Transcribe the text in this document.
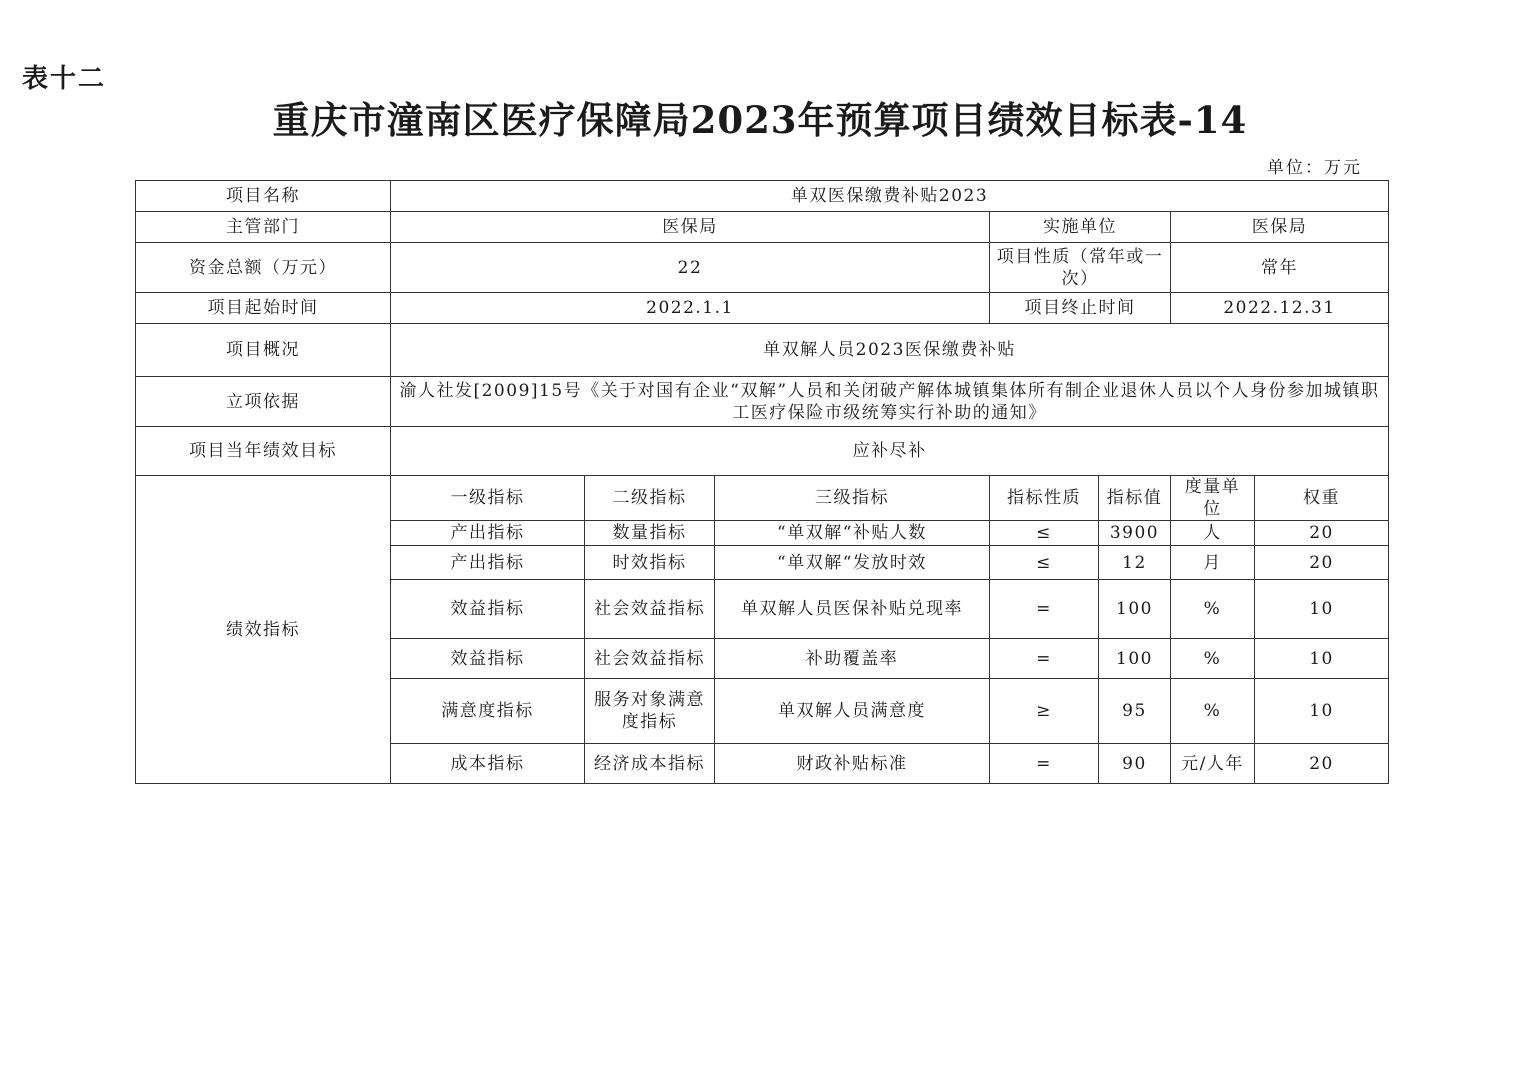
表十二
重庆市潼南区医疗保障局2023年预算项目绩效目标表-14
单位：万元
项目名称	单双医保缴费补贴2023						
主管部门	医保局			实施单位		医保局	
资金总额（万元）	22			项目性质（常年或一次）		常年	
项目起始时间	2022.1.1			项目终止时间		2022.12.31	
项目概况	单双解人员2023医保缴费补贴						
立项依据	渝人社发[2009]15号《关于对国有企业“双解”人员和关闭破产解体城镇集体所有制企业退休人员以个人身份参加城镇职工医疗保险市级统筹实行补助的通知》						
项目当年绩效目标	应补尽补						
绩效指标	一级指标	二级指标	三级指标	指标性质	指标值	度量单位	权重
	产出指标	数量指标	“单双解“补贴人数	≤	3900	人	20
	产出指标	时效指标	“单双解“发放时效	≤	12	月	20
	效益指标	社会效益指标	单双解人员医保补贴兑现率	=	100	%	10
	效益指标	社会效益指标	补助覆盖率	=	100	%	10
	满意度指标	服务对象满意度指标	单双解人员满意度	≥	95	%	10
	成本指标	经济成本指标	财政补贴标准	=	90	元/人年	20
